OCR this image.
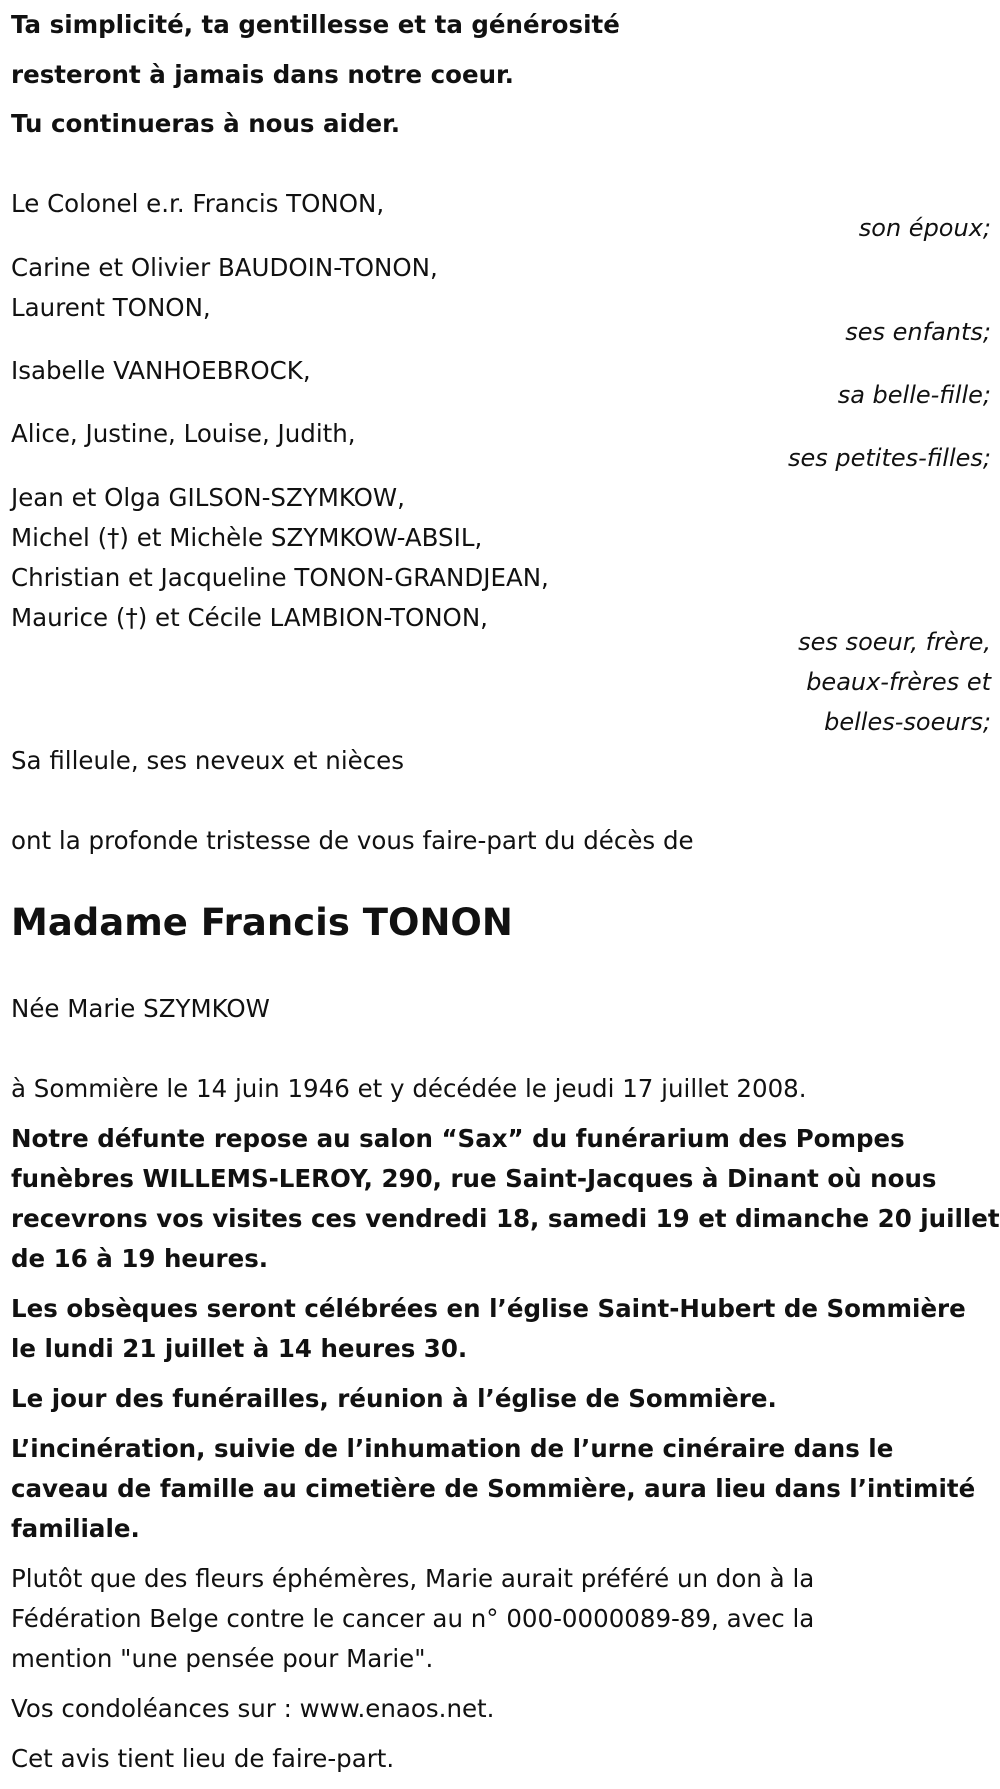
Ta simplicité, ta gentillesse et ta générosité
resteront à jamais dans notre coeur.
Tu continueras à nous aider.
Le Colonel e.r. Francis TONON,
son époux;
Carine et Olivier BAUDOIN-TONON,
Laurent TONON,
ses enfants;
Isabelle VANHOEBROCK,
sa belle-fille;
Alice, Justine, Louise, Judith,
ses petites-filles;
Jean et Olga GILSON-SZYMKOW,
Michel (†) et Michèle SZYMKOW-ABSIL,
Christian et Jacqueline TONON-GRANDJEAN,
Maurice (†) et Cécile LAMBION-TONON,
ses soeur, frère,
beaux-frères et
belles-soeurs;
Sa filleule, ses neveux et nièces
ont la profonde tristesse de vous faire-part du décès de
Madame Francis TONON
Née Marie SZYMKOW
à Sommière le 14 juin 1946 et y décédée le jeudi 17 juillet 2008.
Notre défunte repose au salon “Sax” du funérarium des Pompes
funèbres WILLEMS-LEROY, 290, rue Saint-Jacques à Dinant où nous
recevrons vos visites ces vendredi 18, samedi 19 et dimanche 20 juillet
de 16 à 19 heures.
Les obsèques seront célébrées en l’église Saint-Hubert de Sommière
le lundi 21 juillet à 14 heures 30.
Le jour des funérailles, réunion à l’église de Sommière.
L’incinération, suivie de l’inhumation de l’urne cinéraire dans le
caveau de famille au cimetière de Sommière, aura lieu dans l’intimité
familiale.
Plutôt que des fleurs éphémères, Marie aurait préféré un don à la
Fédération Belge contre le cancer au n° 000-0000089-89, avec la
mention "une pensée pour Marie".
Vos condoléances sur : www.enaos.net.
Cet avis tient lieu de faire-part.
